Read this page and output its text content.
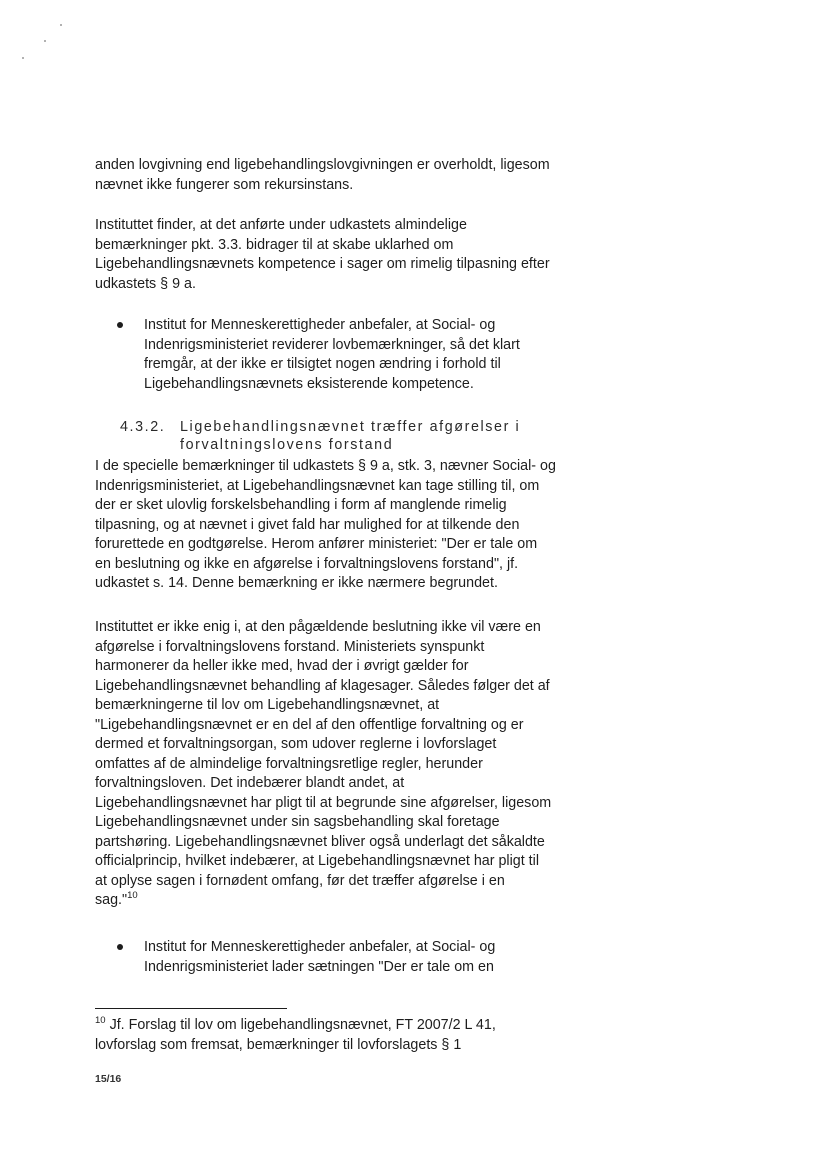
anden lovgivning end ligebehandlingslovgivningen er overholdt, ligesom
nævnet ikke fungerer som rekursinstans.

Instituttet finder, at det anførte under udkastets almindelige
bemærkninger pkt. 3.3. bidrager til at skabe uklarhed om
Ligebehandlingsnævnets kompetence i sager om rimelig tilpasning efter
udkastets § 9 a.

Institut for Menneskerettigheder anbefaler, at Social- og
Indenrigsministeriet reviderer lovbemærkninger, så det klart
fremgår, at der ikke er tilsigtet nogen ændring i forhold til
Ligebehandlingsnævnets eksisterende kompetence.
4.3.2. Ligebehandlingsnævnet træffer afgørelser i
forvaltningslovens forstand

I de specielle bemærkninger til udkastets § 9 a, stk. 3, nævner Social- og
Indenrigsministeriet, at Ligebehandlingsnævnet kan tage stilling til, om
der er sket ulovlig forskelsbehandling i form af manglende rimelig
tilpasning, og at nævnet i givet fald har mulighed for at tilkende den
forurettede en godtgørelse. Herom anfører ministeriet: "Der er tale om
en beslutning og ikke en afgørelse i forvaltningslovens forstand", jf.
udkastet s. 14. Denne bemærkning er ikke nærmere begrundet.

Instituttet er ikke enig i, at den pågældende beslutning ikke vil være en
afgørelse i forvaltningslovens forstand. Ministeriets synspunkt
harmonerer da heller ikke med, hvad der i øvrigt gælder for
Ligebehandlingsnævnet behandling af klagesager. Således følger det af
bemærkningerne til lov om Ligebehandlingsnævnet, at
"Ligebehandlingsnævnet er en del af den offentlige forvaltning og er
dermed et forvaltningsorgan, som udover reglerne i lovforslaget
omfattes af de almindelige forvaltningsretlige regler, herunder
forvaltningsloven. Det indebærer blandt andet, at
Ligebehandlingsnævnet har pligt til at begrunde sine afgørelser, ligesom
Ligebehandlingsnævnet under sin sagsbehandling skal foretage
partshøring. Ligebehandlingsnævnet bliver også underlagt det såkaldte
officialprincip, hvilket indebærer, at Ligebehandlingsnævnet har pligt til
at oplyse sagen i fornødent omfang, før det træffer afgørelse i en
sag."$^{10}$

Institut for Menneskerettigheder anbefaler, at Social- og
Indenrigsministeriet lader sætningen "Der er tale om en
$^{10}$ Jf. Forslag til lov om ligebehandlingsnævnet, FT 2007/2 L 41,
lovforslag som fremsat, bemærkninger til lovforslagets § 1
15/16
